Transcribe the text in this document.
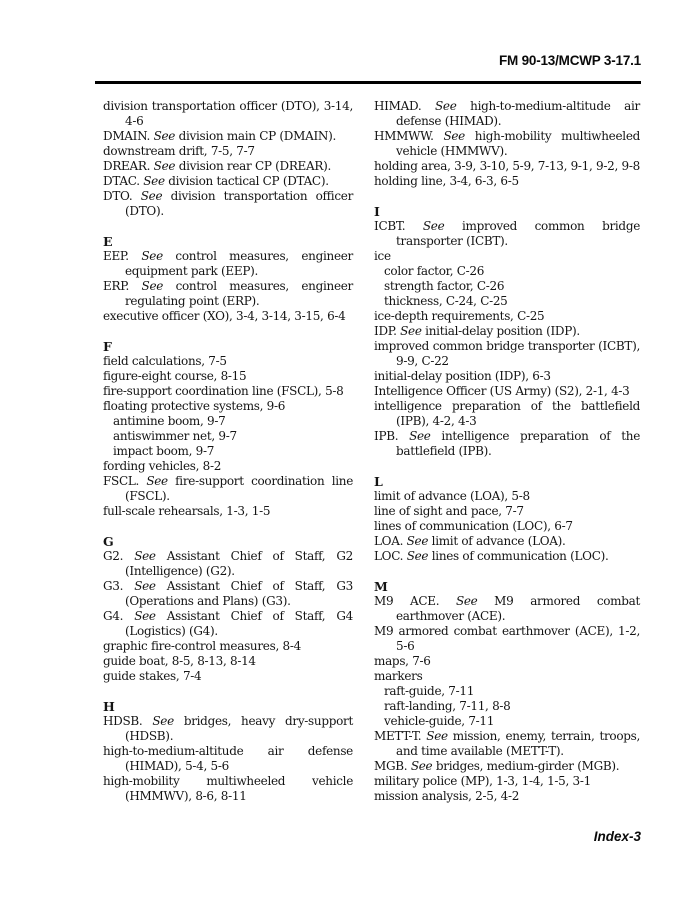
FM 90-13/MCWP 3-17.1
division transportation officer (DTO), 3-14, 4-6
DMAIN. See division main CP (DMAIN).
downstream drift, 7-5, 7-7
DREAR. See division rear CP (DREAR).
DTAC. See division tactical CP (DTAC).
DTO. See division transportation officer (DTO).
E
EEP. See control measures, engineer equipment park (EEP).
ERP. See control measures, engineer regulating point (ERP).
executive officer (XO), 3-4, 3-14, 3-15, 6-4
F
field calculations, 7-5
figure-eight course, 8-15
fire-support coordination line (FSCL), 5-8
floating protective systems, 9-6
antimine boom, 9-7
antiswimmer net, 9-7
impact boom, 9-7
fording vehicles, 8-2
FSCL. See fire-support coordination line (FSCL).
full-scale rehearsals, 1-3, 1-5
G
G2. See Assistant Chief of Staff, G2 (Intelligence) (G2).
G3. See Assistant Chief of Staff, G3 (Operations and Plans) (G3).
G4. See Assistant Chief of Staff, G4 (Logistics) (G4).
graphic fire-control measures, 8-4
guide boat, 8-5, 8-13, 8-14
guide stakes, 7-4
H
HDSB. See bridges, heavy dry-support (HDSB).
high-to-medium-altitude air defense (HIMAD), 5-4, 5-6
high-mobility multiwheeled vehicle (HMMWV), 8-6, 8-11
HIMAD. See high-to-medium-altitude air defense (HIMAD).
HMMWW. See high-mobility multiwheeled vehicle (HMMWV).
holding area, 3-9, 3-10, 5-9, 7-13, 9-1, 9-2, 9-8
holding line, 3-4, 6-3, 6-5
I
ICBT. See improved common bridge transporter (ICBT).
ice
color factor, C-26
strength factor, C-26
thickness, C-24, C-25
ice-depth requirements, C-25
IDP. See initial-delay position (IDP).
improved common bridge transporter (ICBT), 9-9, C-22
initial-delay position (IDP), 6-3
Intelligence Officer (US Army) (S2), 2-1, 4-3
intelligence preparation of the battlefield (IPB), 4-2, 4-3
IPB. See intelligence preparation of the battlefield (IPB).
L
limit of advance (LOA), 5-8
line of sight and pace, 7-7
lines of communication (LOC), 6-7
LOA. See limit of advance (LOA).
LOC. See lines of communication (LOC).
M
M9 ACE. See M9 armored combat earthmover (ACE).
M9 armored combat earthmover (ACE), 1-2, 5-6
maps, 7-6
markers
raft-guide, 7-11
raft-landing, 7-11, 8-8
vehicle-guide, 7-11
METT-T. See mission, enemy, terrain, troops, and time available (METT-T).
MGB. See bridges, medium-girder (MGB).
military police (MP), 1-3, 1-4, 1-5, 3-1
mission analysis, 2-5, 4-2
Index-3
